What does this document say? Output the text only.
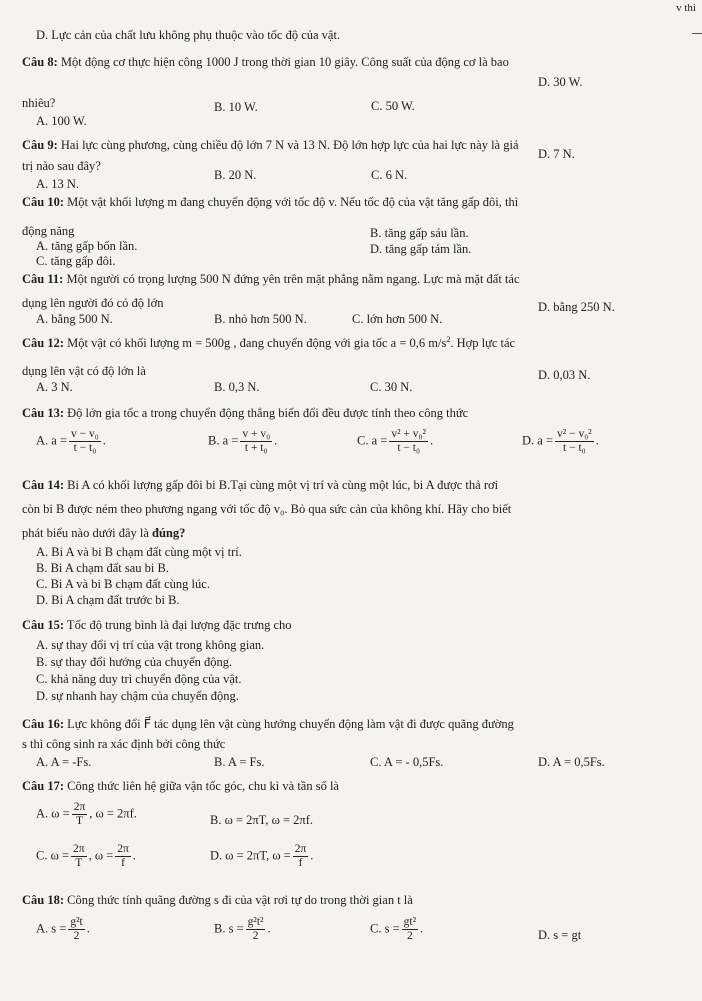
v thi
D. Lực cản của chất lưu không phụ thuộc vào tốc độ của vật.
Câu 8: Một động cơ thực hiện công 1000 J trong thời gian 10 giây. Công suất của động cơ là bao
nhiêu?
A. 100 W.
B. 10 W.	C. 50 W.
D. 30 W.
Câu 9: Hai lực cùng phương, cùng chiều độ lớn 7 N và 13 N. Độ lớn hợp lực của hai lực này là giá
trị nào sau đây?
A. 13 N.
B. 20 N.	C. 6 N.
D. 7 N.
Câu 10: Một vật khối lượng m đang chuyển động với tốc độ v. Nếu tốc độ của vật tăng gấp đôi, thì
động năng
A. tăng gấp bốn lần.
B. tăng gấp sáu lần.
C. tăng gấp đôi.
D. tăng gấp tám lần.
Câu 11: Một người có trọng lượng 500 N đứng yên trên mặt phẳng nằm ngang. Lực mà mặt đất tác
dụng lên người đó có độ lớn
A. bằng 500 N.	B. nhỏ hơn 500 N.	C. lớn hơn 500 N.
D. bằng 250 N.
Câu 12: Một vật có khối lượng m = 500g , đang chuyển động với gia tốc a = 0,6 $m/s^2$. Hợp lực tác
dụng lên vật có độ lớn là
A. 3 N.	B. 0,3 N.	C. 30 N.
D. 0,03 N.
Câu 13: Độ lớn gia tốc a trong chuyển động thẳng biến đổi đều được tính theo công thức
A. $a = \frac{\text{v − v₀}}{\text{t − t₀}}$ .	B. $a = \frac{\text{v + v₀}}{\text{t + t₀}}$ .	C. $a = \frac{\text{v² + v₀²}}{\text{t − t₀}}$ .	D. $a = \frac{\text{v² − v₀²}}{\text{t − t₀}}$ .
Câu 14: Bi A có khối lượng gấp đôi bi B.Tại cùng một vị trí và cùng một lúc, bi A được thả rơi
còn bi B được ném theo phương ngang với tốc độ v₀. Bỏ qua sức cản của không khí. Hãy cho biết
phát biểu nào dưới đây là đúng?
A. Bi A và bi B chạm đất cùng một vị trí.
B. Bi A chạm đất sau bi B.
C. Bi A và bi B chạm đất cùng lúc.
D. Bi A chạm đất trước bi B.
Câu 15: Tốc độ trung bình là đại lượng đặc trưng cho
A. sự thay đổi vị trí của vật trong không gian.
B. sự thay đổi hướng của chuyển động.
C. khả năng duy trì chuyển động của vật.
D. sự nhanh hay chậm của chuyển động.
Câu 16: Lực không đổi F⃗ tác dụng lên vật cùng hướng chuyển động làm vật đi được quãng đường
s thì công sinh ra xác định bởi công thức
A. A = -Fs.	B. A = Fs.	C. A = - 0,5Fs.	D. A = 0,5Fs.
Câu 17: Công thức liên hệ giữa vận tốc góc, chu kì và tần số là
A. $\omega = \frac{2\pi}{T}$ , ω = 2πf.	B. ω = 2πT, ω = 2πf.
C. $\omega = \frac{2\pi}{T}$ , $\omega = \frac{2\pi}{f}$ .	D. ω = 2πT, $\omega = \frac{2\pi}{f}$ .
Câu 18: Công thức tính quãng đường s đi của vật rơi tự do trong thời gian t là
A. $s = \frac{\text{g²t}}{2}$ .	B. $s = \frac{\text{g²t²}}{2}$ .	C. $s = \frac{\text{gt²}}{2}$ .	D. s = gt
